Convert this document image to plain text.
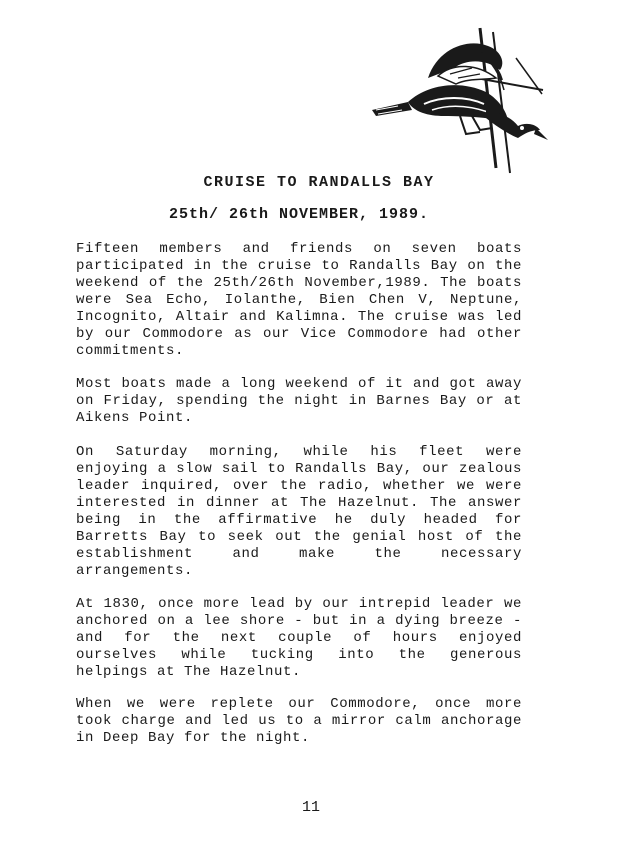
CRUISE TO RANDALLS BAY
25th/ 26th NOVEMBER, 1989.

Fifteen members and friends on seven boats participated in the cruise to Randalls Bay on the weekend of the 25th/26th November,1989. The boats were Sea Echo, Iolanthe, Bien Chen V, Neptune, Incognito, Altair and Kalimna. The cruise was led by our Commodore as our Vice Commodore had other commitments.

Most boats made a long weekend of it and got away on Friday, spending the night in Barnes Bay or at Aikens Point.

On Saturday morning, while his fleet were enjoying a slow sail to Randalls Bay, our zealous leader inquired, over the radio, whether we were interested in dinner at The Hazelnut. The answer being in the affirmative he duly headed for Barretts Bay to seek out the genial host of the establishment and make the necessary arrangements.

At 1830, once more lead by our intrepid leader we anchored on a lee shore - but in a dying breeze - and for the next couple of hours enjoyed ourselves while tucking into the generous helpings at The Hazelnut.

When we were replete our Commodore, once more took charge and led us to a mirror calm anchorage in Deep Bay for the night.

11
